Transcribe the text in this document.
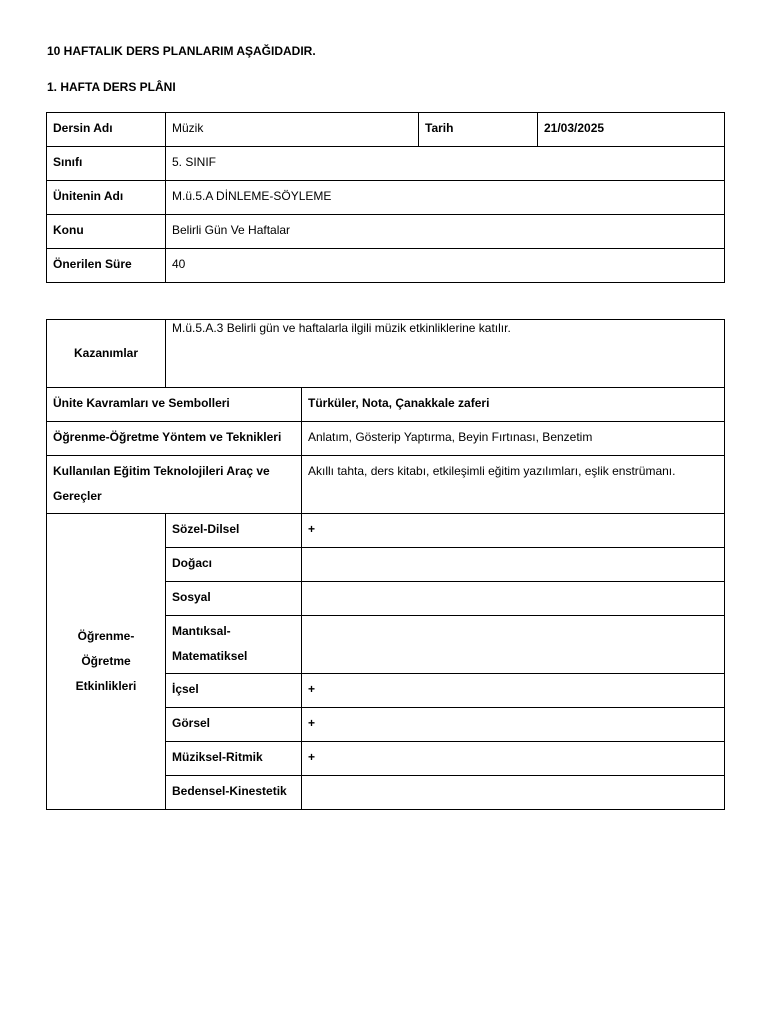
10 HAFTALIK DERS PLANLARIM AŞAĞIDADIR.
1. HAFTA DERS PLÂNI
Dersin Adı	Müzik	Tarih	21/03/2025
Sınıfı	5. SINIF		
Ünitenin Adı	M.ü.5.A DİNLEME-SÖYLEME		
Konu	Belirli Gün Ve Haftalar		
Önerilen Süre	40		
Kazanımlar	M.ü.5.A.3 Belirli gün ve haftalarla ilgili müzik etkinliklerine katılır.	
Ünite Kavramları ve Sembolleri		Türküler, Nota, Çanakkale zaferi
Öğrenme-Öğretme Yöntem ve Teknikleri		Anlatım, Gösterip Yaptırma, Beyin Fırtınası, Benzetim
Kullanılan Eğitim Teknolojileri Araç ve Gereçler		Akıllı tahta, ders kitabı, etkileşimli eğitim yazılımları, eşlik enstrümanı.
Öğrenme-Öğretme Etkinlikleri	Sözel-Dilsel	+
	Doğacı	
	Sosyal	
	Mantıksal-Matematiksel	
	İçsel	+
	Görsel	+
	Müziksel-Ritmik	+
	Bedensel-Kinestetik	
